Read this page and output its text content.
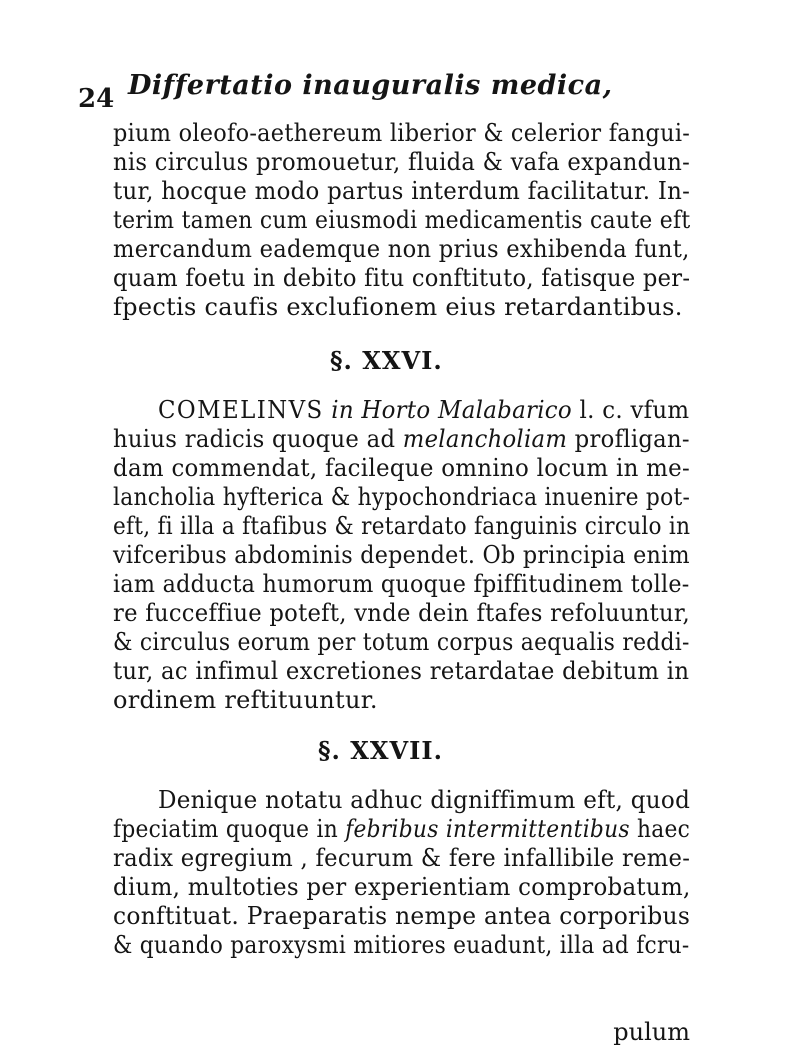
24 Differtatio inauguralis medica,
pium oleofo-aethereum liberior & celerior fangui-
nis circulus promouetur, fluida & vafa expandun-
tur, hocque modo partus interdum facilitatur. In-
terim tamen cum eiusmodi medicamentis caute eft
mercandum eademque non prius exhibenda funt,
quam foetu in debito fitu conftituto, fatisque per-
fpectis caufis exclufionem eius retardantibus.
§. XXVI.
COMELINVS in Horto Malabarico l. c. vfum
huius radicis quoque ad melancholiam profligan-
dam commendat, facileque omnino locum in me-
lancholia hyfterica & hypochondriaca inuenire pot-
eft, fi illa a ftafibus & retardato fanguinis circulo in
vifceribus abdominis dependet. Ob principia enim
iam adducta humorum quoque fpiffitudinem tolle-
re fucceffiue poteft, vnde dein ftafes refoluuntur,
& circulus eorum per totum corpus aequalis reddi-
tur, ac infimul excretiones retardatae debitum in
ordinem reftituuntur.
§. XXVII.
Denique notatu adhuc digniffimum eft, quod
fpeciatim quoque in febribus intermittentibus haec
radix egregium , fecurum & fere infallibile reme-
dium, multoties per experientiam comprobatum,
conftituat. Praeparatis nempe antea corporibus
& quando paroxysmi mitiores euadunt, illa ad fcru-
pulum
